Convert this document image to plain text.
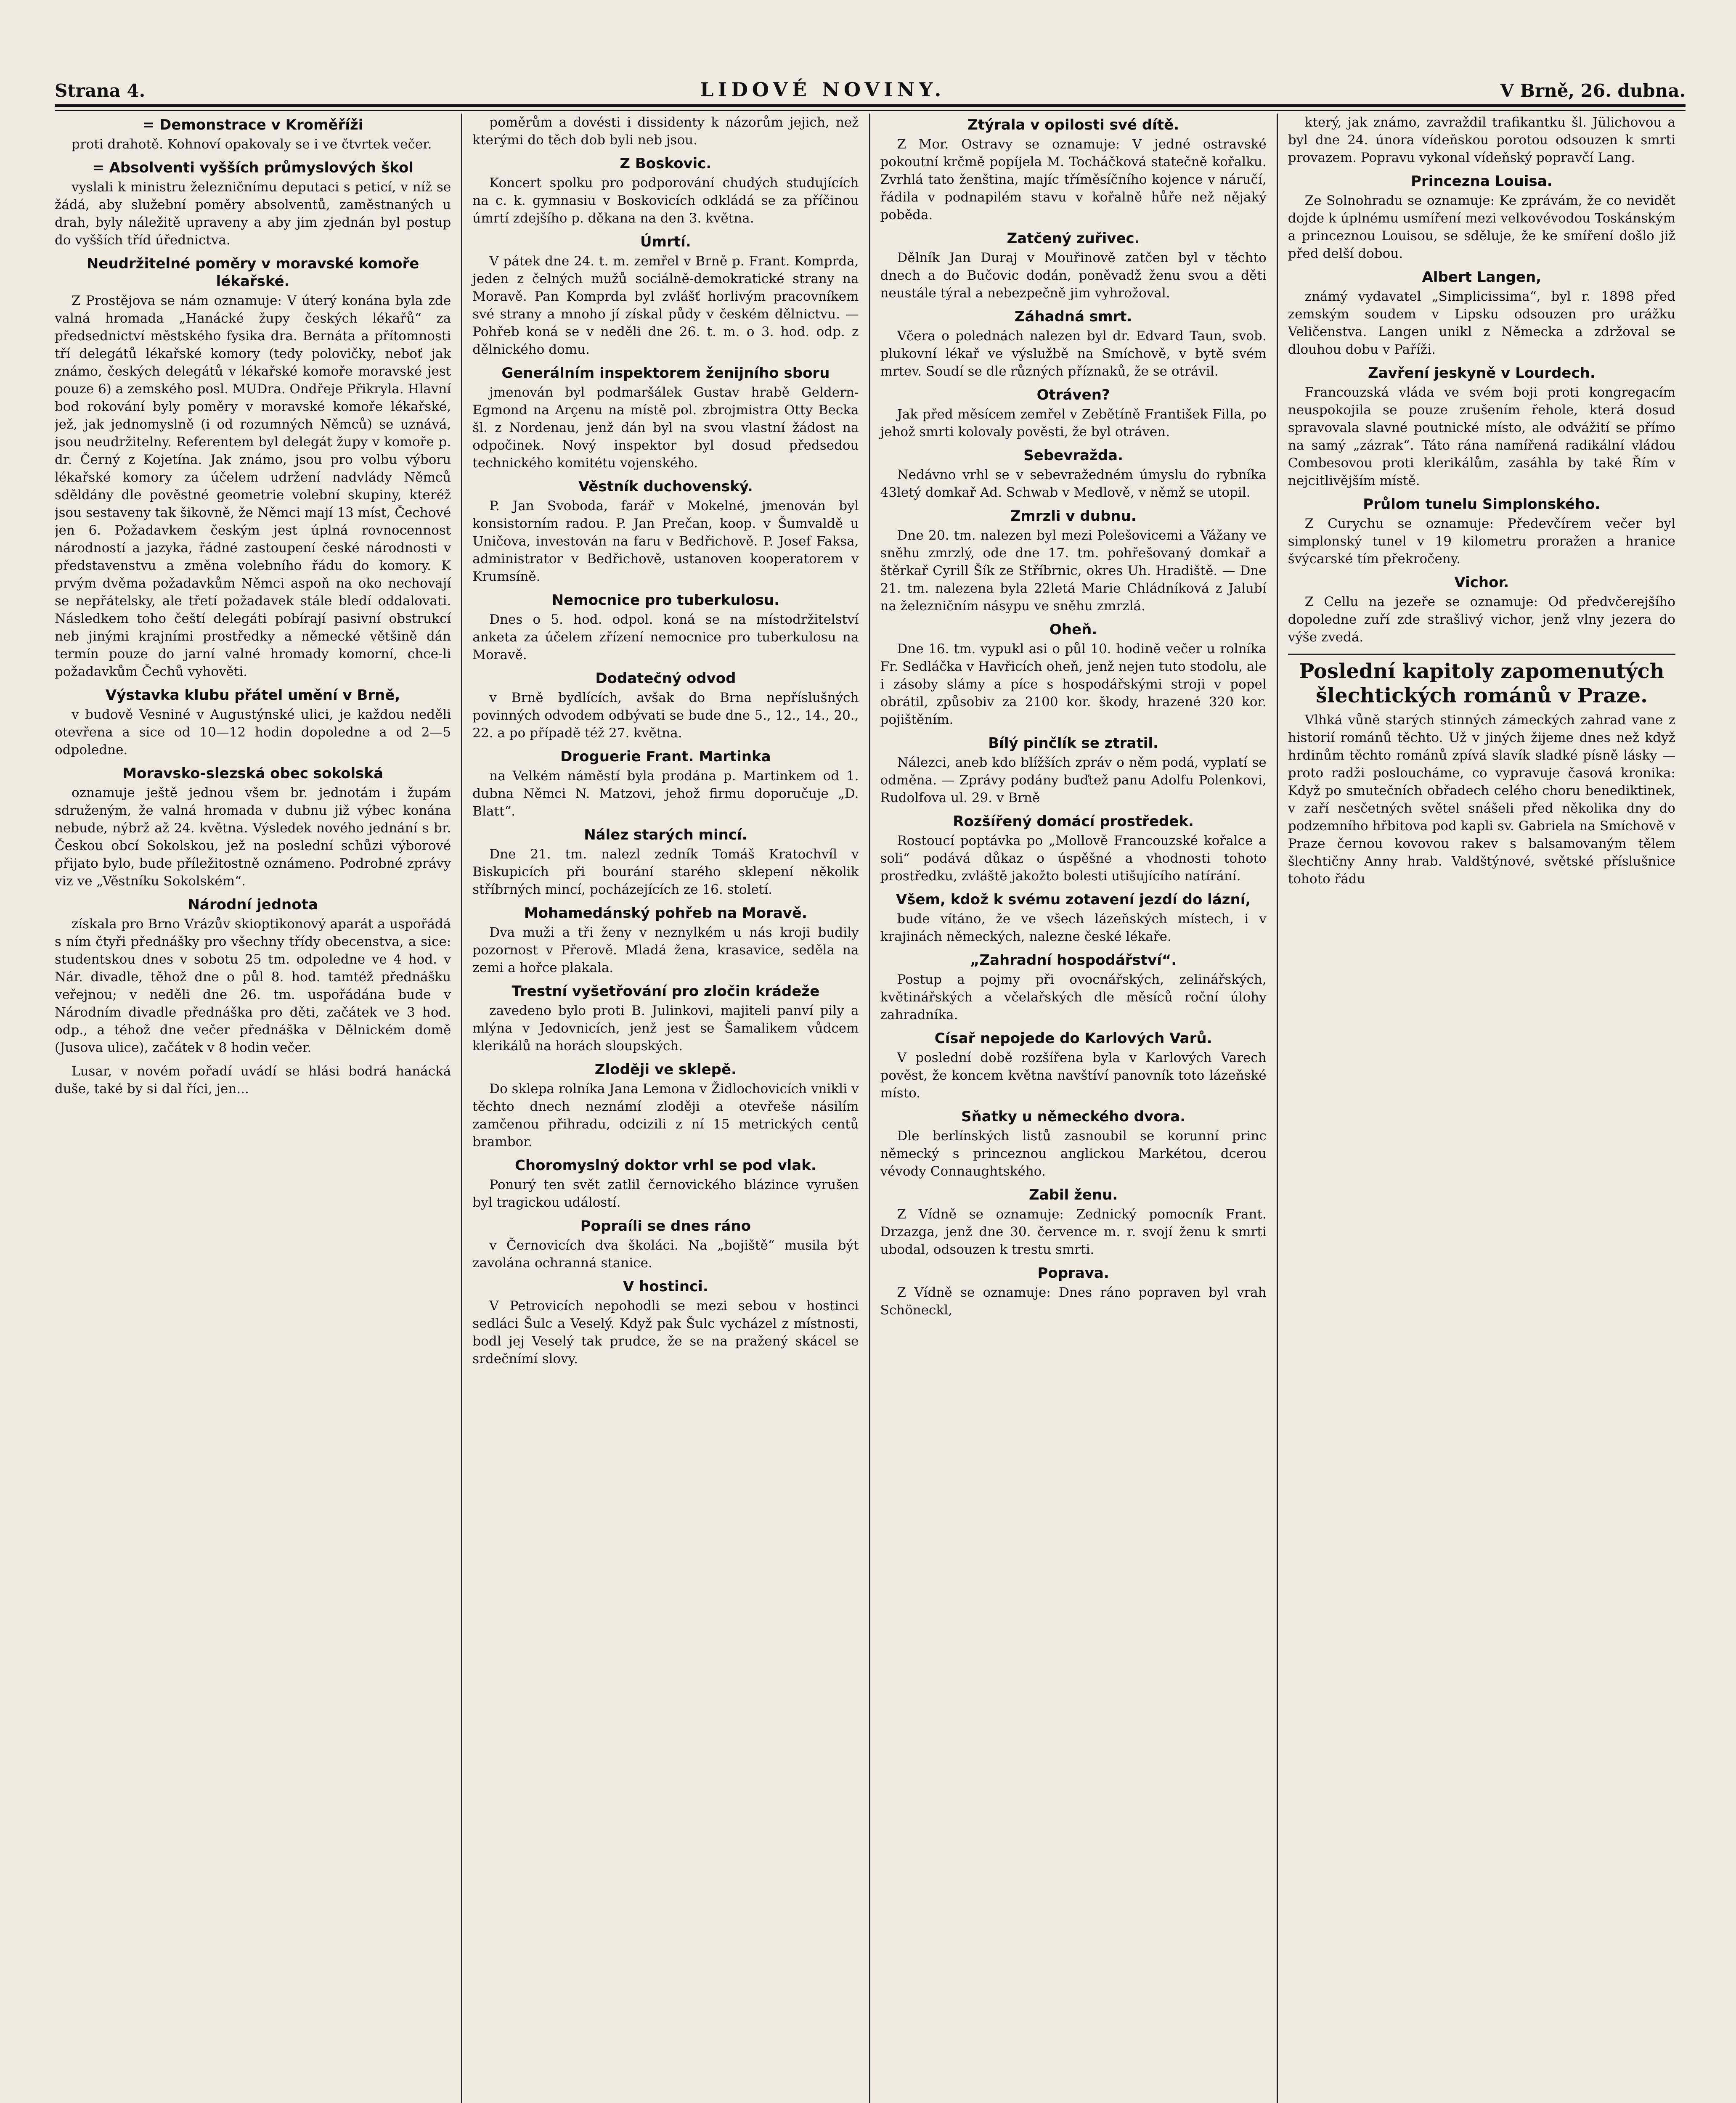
Strana 4.	LIDOVÉ NOVINY.	V Brně, 26. dubna.
= Demonstrace v Kroměříži

proti drahotě. Kohnoví opakovaly se i ve čtvrtek večer.

= Absolventi vyšších průmyslových škol

vyslali k ministru železničnímu deputaci s peticí, v níž se žádá, aby služební poměry absolventů, zaměstnaných u drah, byly náležitě upraveny a aby jim zjednán byl postup do vyšších tříd úřednictva.

Neudržitelné poměry v moravské komoře lékařské.

Z Prostějova se nám oznamuje: V úterý konána byla zde valná hromada „Hanácké župy českých lékařů“ za předsednictví městského fysika dra. Bernáta a přítomnosti tří delegátů lékařské komory (tedy polovičky, neboť jak známo, českých delegátů v lékařské komoře moravské jest pouze 6) a zemského posl. MUDra. Ondřeje Přikryla. Hlavní bod rokování byly poměry v moravské komoře lékařské, jež, jak jednomyslně (i od rozumných Němců) se uznává, jsou neudržitelny. Referentem byl delegát župy v komoře p. dr. Černý z Kojetína. Jak známo, jsou pro volbu výboru lékařské komory za účelem udržení nadvlády Němců sděldány dle pověstné geometrie volební skupiny, kteréž jsou sestaveny tak šikovně, že Němci mají 13 míst, Čechové jen 6. Požadavkem českým jest úplná rovnocennost národností a jazyka, řádné zastoupení české národnosti v představenstvu a změna volebního řádu do komory. K prvým dvěma požadavkům Němci aspoň na oko nechovají se nepřátelsky, ale třetí požadavek stále bledí oddalovati. Následkem toho čeští delegáti pobírají pasivní obstrukcí neb jinými krajními prostředky a německé většině dán termín pouze do jarní valné hromady komorní, chce-li požadavkům Čechů vyhověti.

Výstavka klubu přátel umění v Brně,

v budově Vesniné v Augustýnské ulici, je každou neděli otevřena a sice od 10—12 hodin dopoledne a od 2—5 odpoledne.

Moravsko-slezská obec sokolská

oznamuje ještě jednou všem br. jednotám i župám sdruženým, že valná hromada v dubnu již výbec konána nebude, nýbrž až 24. května. Výsledek nového jednání s br. Českou obcí Sokolskou, jež na poslední schůzi výborové přijato bylo, bude příležitostně oznámeno. Podrobné zprávy viz ve „Věstníku Sokolském“.

Národní jednota

získala pro Brno Vrázův skioptikonový aparát a uspořádá s ním čtyři přednášky pro všechny třídy obecenstva, a sice: studentskou dnes v sobotu 25 tm. odpoledne ve 4 hod. v Nár. divadle, těhož dne o půl 8. hod. tamtéž přednášku veřejnou; v neděli dne 26. tm. uspořádána bude v Národním divadle přednáška pro děti, začátek ve 3 hod. odp., a téhož dne večer přednáška v Dělnickém domě (Jusova ulice), začátek v 8 hodin večer.

Lusar, v novém pořadí uvádí se hlási bodrá hanácká duše, také by si dal říci, jen...

poměrům a dovésti i dissidenty k názorům jejich, než kterými do těch dob byli neb jsou.

Z Boskovic.

Koncert spolku pro podporování chudých studujících na c. k. gymnasiu v Boskovicích odkládá se za příčinou úmrtí zdejšího p. děkana na den 3. května.

Úmrtí.

V pátek dne 24. t. m. zemřel v Brně p. Frant. Komprda, jeden z čelných mužů sociálně-demokratické strany na Moravě. Pan Komprda byl zvlášť horlivým pracovníkem své strany a mnoho jí získal půdy v českém dělnictvu. — Pohřeb koná se v neděli dne 26. t. m. o 3. hod. odp. z dělnického domu.

Generálním inspektorem ženijního sboru

jmenován byl podmaršálek Gustav hrabě Geldern-Egmond na Arçenu na místě pol. zbrojmistra Otty Becka šl. z Nordenau, jenž dán byl na svou vlastní žádost na odpočinek. Nový inspektor byl dosud předsedou technického komitétu vojenského.

Věstník duchovenský.

P. Jan Svoboda, farář v Mokelné, jmenován byl konsistorním radou. P. Jan Prečan, koop. v Šumvaldě u Uničova, investován na faru v Bedřichově. P. Josef Faksa, administrator v Bedřichově, ustanoven kooperatorem v Krumsíně.

Nemocnice pro tuberkulosu.

Dnes o 5. hod. odpol. koná se na místodržitelství anketa za účelem zřízení nemocnice pro tuberkulosu na Moravě.

Dodatečný odvod

v Brně bydlících, avšak do Brna nepříslušných povinných odvodem odbývati se bude dne 5., 12., 14., 20., 22. a po případě též 27. května.

Droguerie Frant. Martinka

na Velkém náměstí byla prodána p. Martinkem od 1. dubna Němci N. Matzovi, jehož firmu doporučuje „D. Blatt“.

Nález starých mincí.

Dne 21. tm. nalezl zedník Tomáš Kratochvíl v Biskupicích při bourání starého sklepení několik stříbrných mincí, pocházejících ze 16. století.

Mohamedánský pohřeb na Moravě.

Dva muži a tři ženy v neznylkém u nás kroji budily pozornost v Přerově. Mladá žena, krasavice, seděla na zemi a hořce plakala.

Trestní vyšetřování pro zločin krádeže

zavedeno bylo proti B. Julinkovi, majiteli panví pily a mlýna v Jedovnicích, jenž jest se Šamalikem vůdcem klerikálů na horách sloupských.

Zloději ve sklepě.

Do sklepa rolníka Jana Lemona v Židlochovicích vnikli v těchto dnech neznámí zloději a otevřeše násilím zamčenou přihradu, odcizili z ní 15 metrických centů brambor.

Choromyslný doktor vrhl se pod vlak.

Ponurý ten svět zatlil černovického blázince vyrušen byl tragickou událostí.

Popraíli se dnes ráno

v Černovicích dva školáci. Na „bojiště“ musila být zavolána ochranná stanice.

V hostinci.

V Petrovicích nepohodli se mezi sebou v hostinci sedláci Šulc a Veselý. Když pak Šulc vycházel z místnosti, bodl jej Veselý tak prudce, že se na pražený skácel se srdečnímí slovy.

Ztýrala v opilosti své dítě.

Z Mor. Ostravy se oznamuje: V jedné ostravské pokoutní krčmě popíjela M. Tocháčková statečně kořalku. Zvrhlá tato ženština, majíc tříměsíčního kojence v náručí, řádila v podnapilém stavu v kořalně hůře než nějaký poběda.

Zatčený zuřivec.

Dělník Jan Duraj v Mouřinově zatčen byl v těchto dnech a do Bučovic dodán, poněvadž ženu svou a děti neustále týral a nebezpečně jim vyhrožoval.

Záhadná smrt.

Včera o polednách nalezen byl dr. Edvard Taun, svob. plukovní lékař ve výslužbě na Smíchově, v bytě svém mrtev. Soudí se dle různých příznaků, že se otrávil.

Otráven?

Jak před měsícem zemřel v Zebětíně František Filla, po jehož smrti kolovaly pověsti, že byl otráven.

Sebevražda.

Nedávno vrhl se v sebevražedném úmyslu do rybníka 43letý domkař Ad. Schwab v Medlově, v němž se utopil.

Zmrzli v dubnu.

Dne 20. tm. nalezen byl mezi Polešovicemi a Vážany ve sněhu zmrzlý, ode dne 17. tm. pohřešovaný domkař a štěrkař Cyrill Šík ze Stříbrnic, okres Uh. Hradiště. — Dne 21. tm. nalezena byla 22letá Marie Chládníková z Jalubí na železničním násypu ve sněhu zmrzlá.

Oheň.

Dne 16. tm. vypukl asi o půl 10. hodině večer u rolníka Fr. Sedláčka v Havřicích oheň, jenž nejen tuto stodolu, ale i zásoby slámy a píce s hospodářskými stroji v popel obrátil, způsobiv za 2100 kor. škody, hrazené 320 kor. pojištěním.

Bílý pinčlík se ztratil.

Nálezci, aneb kdo blížších zpráv o něm podá, vyplatí se odměna. — Zprávy podány buďtež panu Adolfu Polenkovi, Rudolfova ul. 29. v Brně

Rozšířený domácí prostředek.

Rostoucí poptávka po „Mollově Francouzské kořalce a soli“ podává důkaz o úspěšné a vhodnosti tohoto prostředku, zvláště jakožto bolesti utišujícího natírání.

Všem, kdož k svému zotavení jezdí do lázní,

bude vítáno, že ve všech lázeňských místech, i v krajinách německých, nalezne české lékaře.

„Zahradní hospodářství“.

Postup a pojmy při ovocnářských, zelinářských, květinářských a včelařských dle měsíců roční úlohy zahradníka.

Císař nepojede do Karlových Varů.

V poslední době rozšířena byla v Karlových Varech pověst, že koncem května navštíví panovník toto lázeňské místo.

Sňatky u německého dvora.

Dle berlínských listů zasnoubil se korunní princ německý s princeznou anglickou Markétou, dcerou vévody Connaughtského.

Zabil ženu.

Z Vídně se oznamuje: Zednický pomocník Frant. Drzazga, jenž dne 30. července m. r. svojí ženu k smrti ubodal, odsouzen k trestu smrti.

Poprava.

Z Vídně se oznamuje: Dnes ráno popraven byl vrah Schöneckl,

který, jak známo, zavraždil trafikantku šl. Jülichovou a byl dne 24. února vídeňskou porotou odsouzen k smrti provazem. Popravu vykonal vídeňský popravčí Lang.

Princezna Louisa.

Ze Solnohradu se oznamuje: Ke zprávám, že co nevidět dojde k úplnému usmíření mezi velkovévodou Toskánským a princeznou Louisou, se sděluje, že ke smíření došlo již před delší dobou.

Albert Langen,

známý vydavatel „Simplicissima“, byl r. 1898 před zemským soudem v Lipsku odsouzen pro urážku Veličenstva. Langen unikl z Německa a zdržoval se dlouhou dobu v Paříži.

Zavření jeskyně v Lourdech.

Francouzská vláda ve svém boji proti kongregacím neuspokojila se pouze zrušením řehole, která dosud spravovala slavné poutnické místo, ale odvážití se přímo na samý „zázrak“. Táto rána namířená radikální vládou Combesovou proti klerikálům, zasáhla by také Řím v nejcitlivějším místě.

Průlom tunelu Simplonského.

Z Curychu se oznamuje: Předevčírem večer byl simplonský tunel v 19 kilometru proražen a hranice švýcarské tím překročeny.

Vichor.

Z Cellu na jezeře se oznamuje: Od předvčerejšího dopoledne zuří zde strašlivý vichor, jenž vlny jezera do výše zvedá.

Poslední kapitoly zapomenutých šlechtických románů v Praze.

Vlhká vůně starých stinných zámeckých zahrad vane z historií románů těchto. Už v jiných žijeme dnes než když hrdinům těchto románů zpívá slavík sladké písně lásky — proto radži posloucháme, co vypravuje časová kronika: Když po smutečních obřadech celého choru benediktinek, v zaří nesčetných světel snášeli před několika dny do podzemního hřbitova pod kapli sv. Gabriela na Smíchově v Praze černou kovovou rakev s balsamovaným tělem šlechtičny Anny hrab. Valdštýnové, světské příslušnice tohoto řádu
